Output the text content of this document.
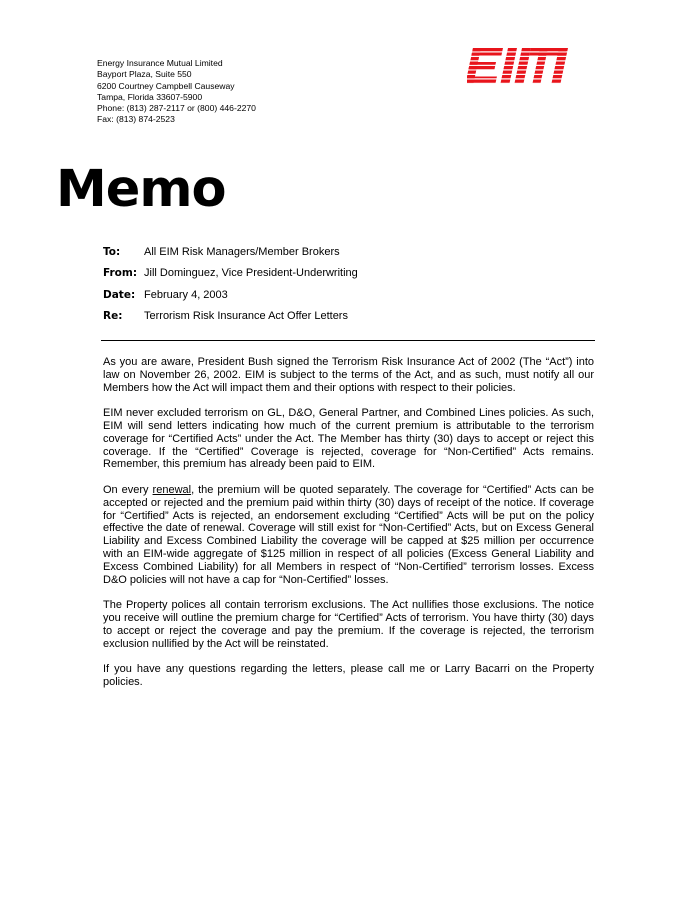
Energy Insurance Mutual Limited
Bayport Plaza, Suite 550
6200 Courtney Campbell Causeway
Tampa, Florida 33607-5900
Phone: (813) 287-2117 or (800) 446-2270
Fax: (813) 874-2523
Memo
To: All EIM Risk Managers/Member Brokers
From: Jill Dominguez, Vice President-Underwriting
Date: February 4, 2003
Re: Terrorism Risk Insurance Act Offer Letters

As you are aware, President Bush signed the Terrorism Risk Insurance Act of 2002 (The “Act”) into law on November 26, 2002. EIM is subject to the terms of the Act, and as such, must notify all our Members how the Act will impact them and their options with respect to their policies.

EIM never excluded terrorism on GL, D&O, General Partner, and Combined Lines policies. As such, EIM will send letters indicating how much of the current premium is attributable to the terrorism coverage for “Certified Acts” under the Act. The Member has thirty (30) days to accept or reject this coverage. If the “Certified” Coverage is rejected, coverage for “Non-Certified” Acts remains. Remember, this premium has already been paid to EIM.

On every renewal, the premium will be quoted separately. The coverage for “Certified” Acts can be accepted or rejected and the premium paid within thirty (30) days of receipt of the notice. If coverage for “Certified” Acts is rejected, an endorsement excluding “Certified” Acts will be put on the policy effective the date of renewal. Coverage will still exist for “Non-Certified” Acts, but on Excess General Liability and Excess Combined Liability the coverage will be capped at $25 million per occurrence with an EIM-wide aggregate of $125 million in respect of all policies (Excess General Liability and Excess Combined Liability) for all Members in respect of “Non-Certified” terrorism losses. Excess D&O policies will not have a cap for “Non-Certified” losses.

The Property polices all contain terrorism exclusions. The Act nullifies those exclusions. The notice you receive will outline the premium charge for “Certified” Acts of terrorism. You have thirty (30) days to accept or reject the coverage and pay the premium. If the coverage is rejected, the terrorism exclusion nullified by the Act will be reinstated.

If you have any questions regarding the letters, please call me or Larry Bacarri on the Property policies.
